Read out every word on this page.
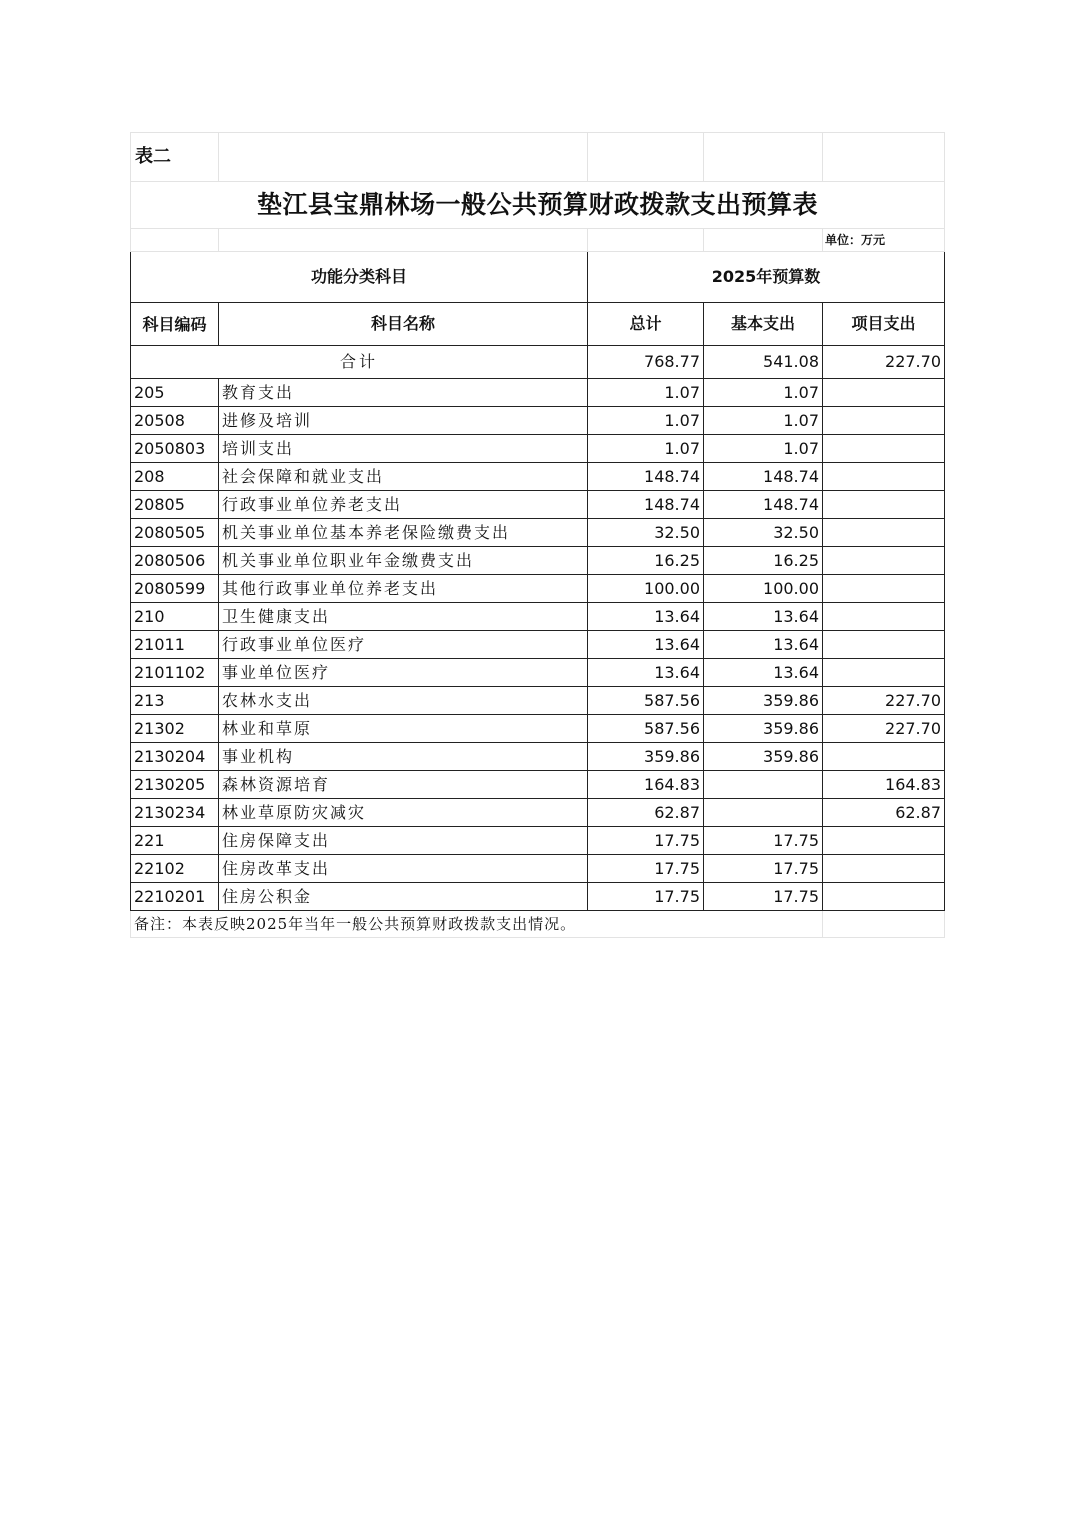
表二				
垫江县宝鼎林场一般公共预算财政拨款支出预算表				
				单位：万元
功能分类科目		2025年预算数		
科目编码	科目名称	总计	基本支出	项目支出
合计		768.77	541.08	227.70
205	教育支出	1.07	1.07	
20508	进修及培训	1.07	1.07	
2050803	培训支出	1.07	1.07	
208	社会保障和就业支出	148.74	148.74	
20805	行政事业单位养老支出	148.74	148.74	
2080505	机关事业单位基本养老保险缴费支出	32.50	32.50	
2080506	机关事业单位职业年金缴费支出	16.25	16.25	
2080599	其他行政事业单位养老支出	100.00	100.00	
210	卫生健康支出	13.64	13.64	
21011	行政事业单位医疗	13.64	13.64	
2101102	事业单位医疗	13.64	13.64	
213	农林水支出	587.56	359.86	227.70
21302	林业和草原	587.56	359.86	227.70
2130204	事业机构	359.86	359.86	
2130205	森林资源培育	164.83		164.83
2130234	林业草原防灾减灾	62.87		62.87
221	住房保障支出	17.75	17.75	
22102	住房改革支出	17.75	17.75	
2210201	住房公积金	17.75	17.75	
备注：本表反映2025年当年一般公共预算财政拨款支出情况。				
